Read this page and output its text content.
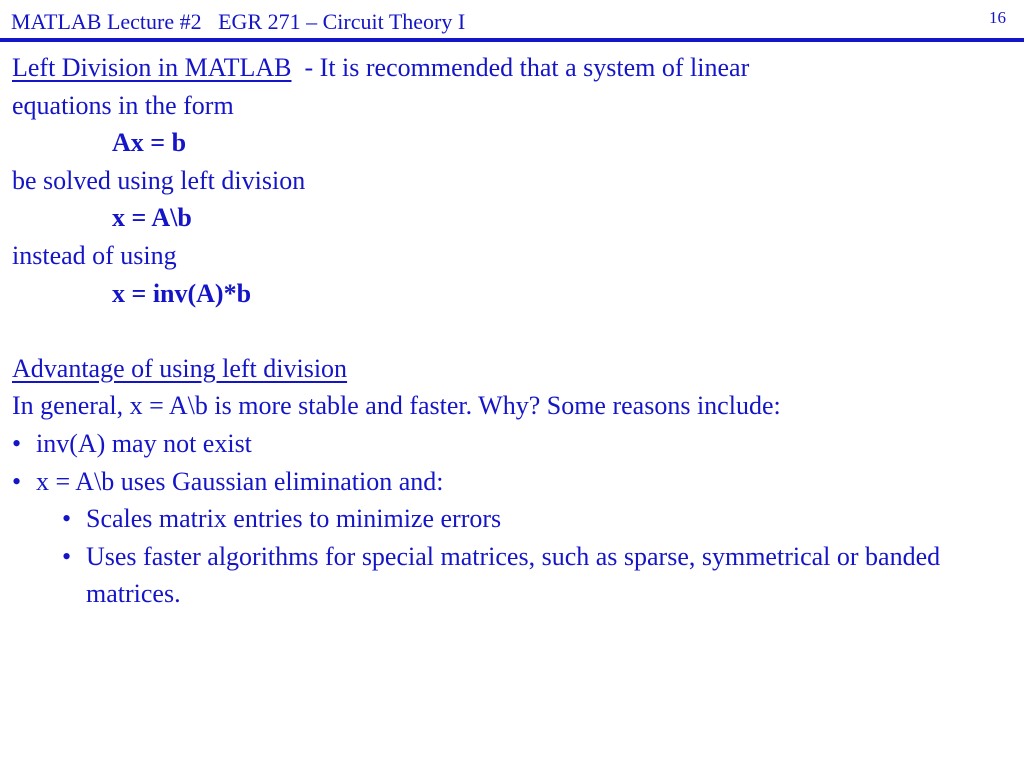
MATLAB Lecture #2   EGR 271 – Circuit Theory I	16
Left Division in MATLAB  - It is recommended that a system of linear
equations in the form
Ax = b
be solved using left division
x = A\b
instead of using
x = inv(A)*b
Advantage of using left division
In general, x = A\b is more stable and faster. Why? Some reasons include:
• inv(A) may not exist
• x = A\b uses Gaussian elimination and:
• Scales matrix entries to minimize errors
• Uses faster algorithms for special matrices, such as sparse, symmetrical or banded matrices.
